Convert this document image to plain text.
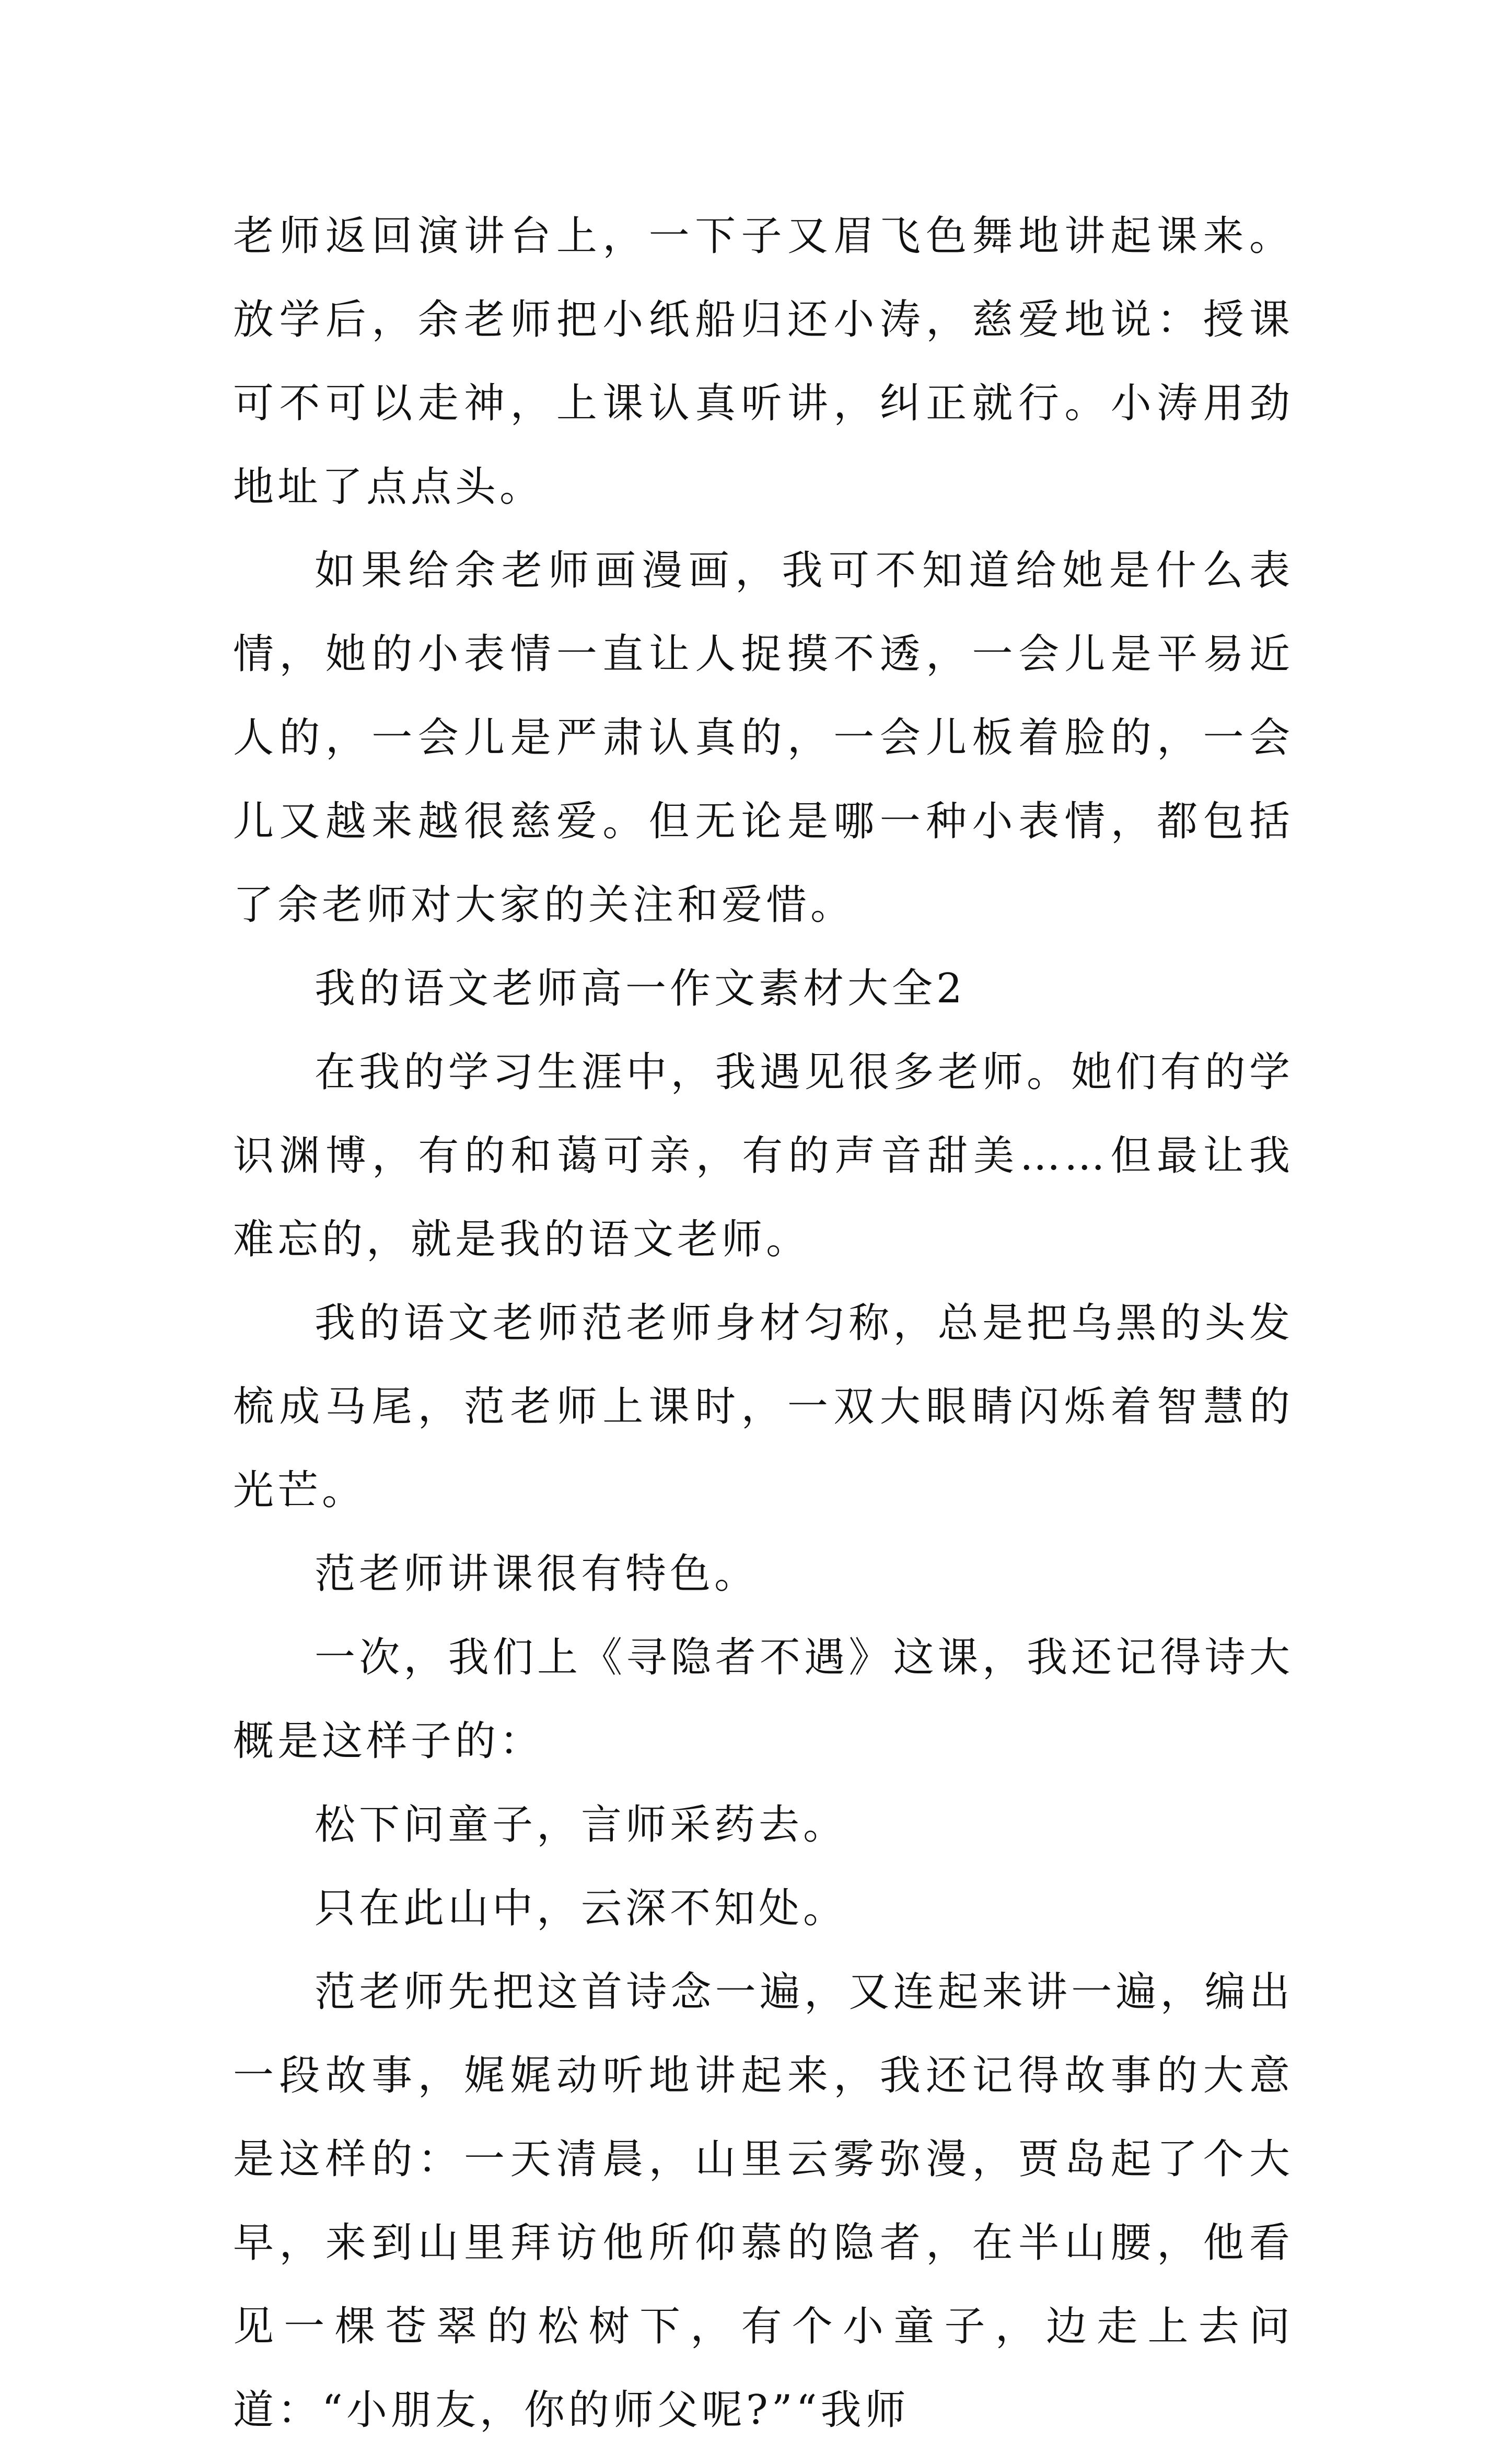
老师返回演讲台上，一下子又眉飞色舞地讲起课来。放学后，余老师把小纸船归还小涛，慈爱地说：授课可不可以走神，上课认真听讲，纠正就行。小涛用劲地址了点点头。

如果给余老师画漫画，我可不知道给她是什么表情，她的小表情一直让人捉摸不透，一会儿是平易近人的，一会儿是严肃认真的，一会儿板着脸的，一会儿又越来越很慈爱。但无论是哪一种小表情，都包括了余老师对大家的关注和爱惜。

我的语文老师高一作文素材大全2

在我的学习生涯中，我遇见很多老师。她们有的学识渊博，有的和蔼可亲，有的声音甜美……但最让我难忘的，就是我的语文老师。

我的语文老师范老师身材匀称，总是把乌黑的头发梳成马尾，范老师上课时，一双大眼睛闪烁着智慧的光芒。

范老师讲课很有特色。

一次，我们上《寻隐者不遇》这课，我还记得诗大概是这样子的：

松下问童子，言师采药去。

只在此山中，云深不知处。

范老师先把这首诗念一遍，又连起来讲一遍，编出一段故事，娓娓动听地讲起来，我还记得故事的大意是这样的：一天清晨，山里云雾弥漫，贾岛起了个大早，来到山里拜访他所仰慕的隐者，在半山腰，他看见一棵苍翠的松树下，有个小童子，边走上去问道：“小朋友，你的师父呢?”“我师
